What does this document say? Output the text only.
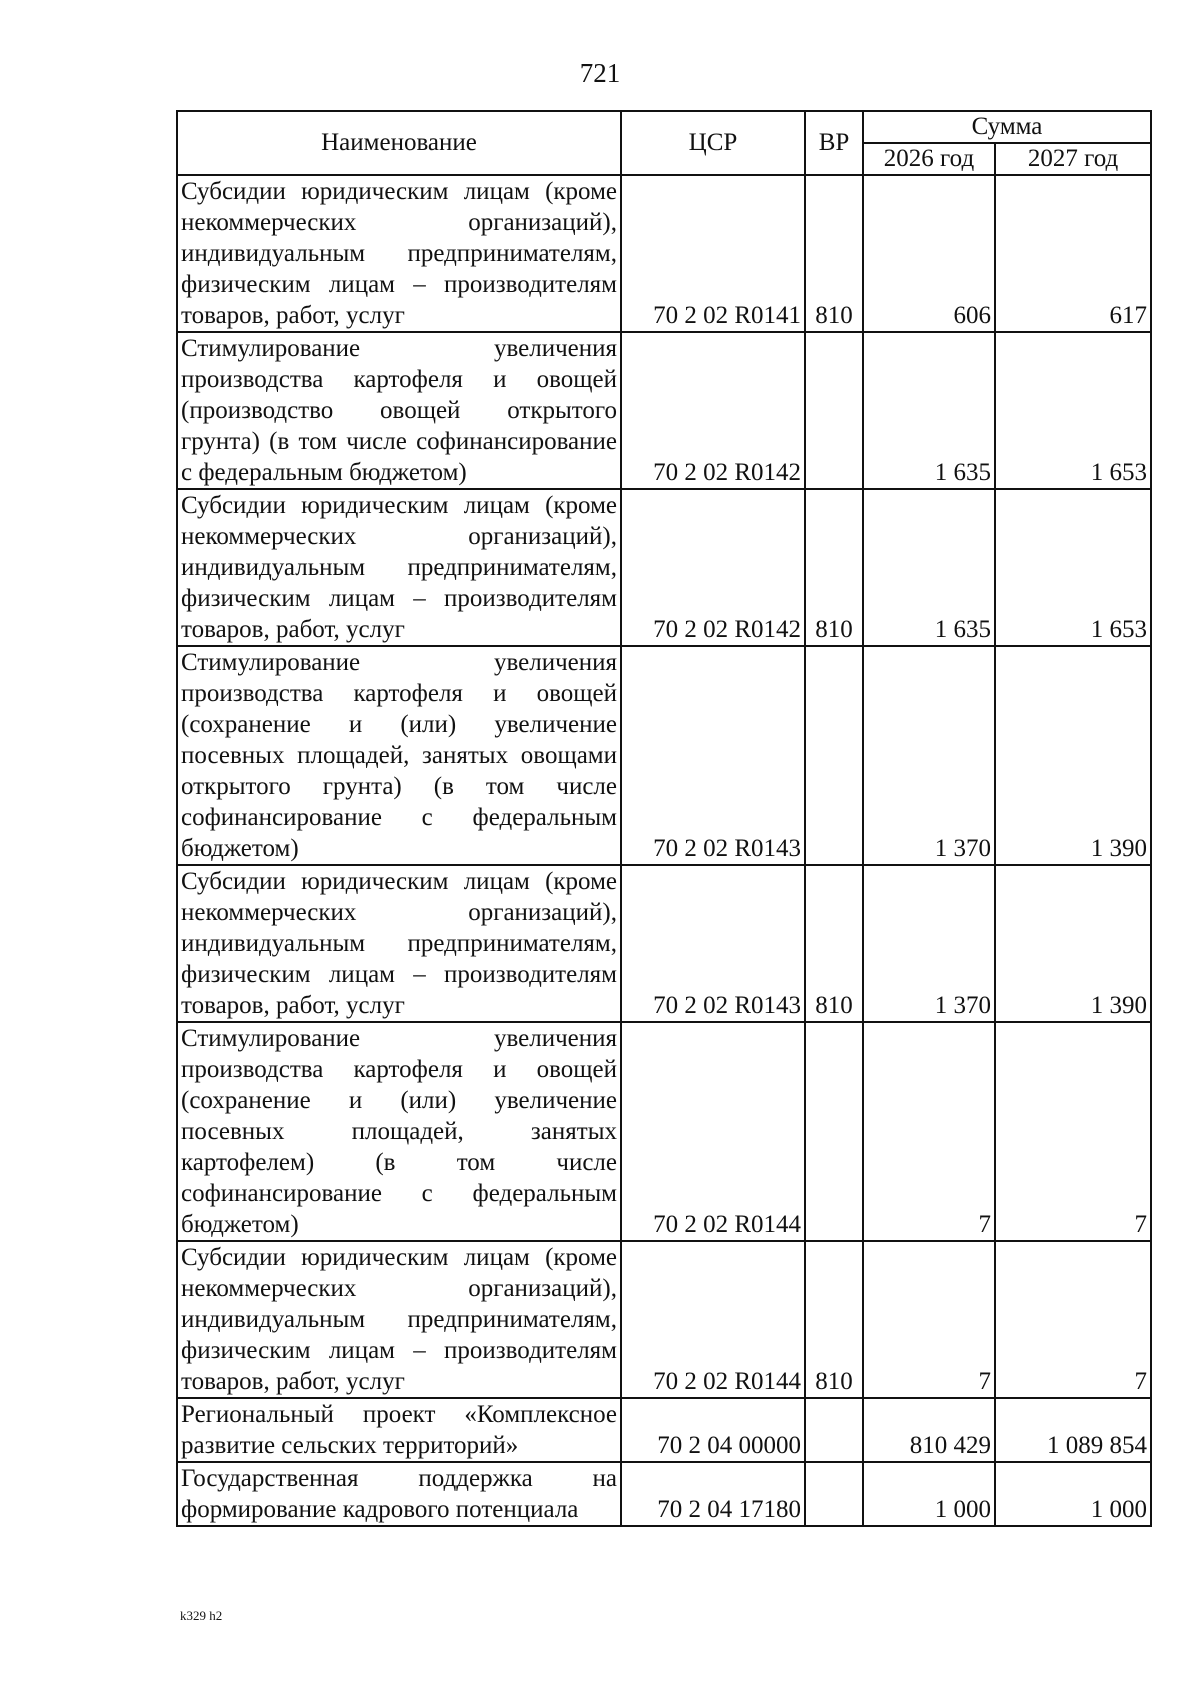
721
Наименование	ЦСР	ВР	Сумма	
			2026 год	2027 год
Субсидии юридическим лицам (кроме некоммерческих организаций), индивидуальным предпринимателям, физическим лицам – производителям товаров, работ, услуг	70 2 02 R0141	810	606	617
Стимулирование увеличения производства картофеля и овощей (производство овощей открытого грунта) (в том числе софинансирование с федеральным бюджетом)	70 2 02 R0142		1 635	1 653
Субсидии юридическим лицам (кроме некоммерческих организаций), индивидуальным предпринимателям, физическим лицам – производителям товаров, работ, услуг	70 2 02 R0142	810	1 635	1 653
Стимулирование увеличения производства картофеля и овощей (сохранение и (или) увеличение посевных площадей, занятых овощами открытого грунта) (в том числе софинансирование с федеральным бюджетом)	70 2 02 R0143		1 370	1 390
Субсидии юридическим лицам (кроме некоммерческих организаций), индивидуальным предпринимателям, физическим лицам – производителям товаров, работ, услуг	70 2 02 R0143	810	1 370	1 390
Стимулирование увеличения производства картофеля и овощей (сохранение и (или) увеличение посевных площадей, занятых картофелем) (в том числе софинансирование с федеральным бюджетом)	70 2 02 R0144		7	7
Субсидии юридическим лицам (кроме некоммерческих организаций), индивидуальным предпринимателям, физическим лицам – производителям товаров, работ, услуг	70 2 02 R0144	810	7	7
Региональный проект «Комплексное развитие сельских территорий»	70 2 04 00000		810 429	1 089 854
Государственная поддержка на формирование кадрового потенциала	70 2 04 17180		1 000	1 000
k329 h2
